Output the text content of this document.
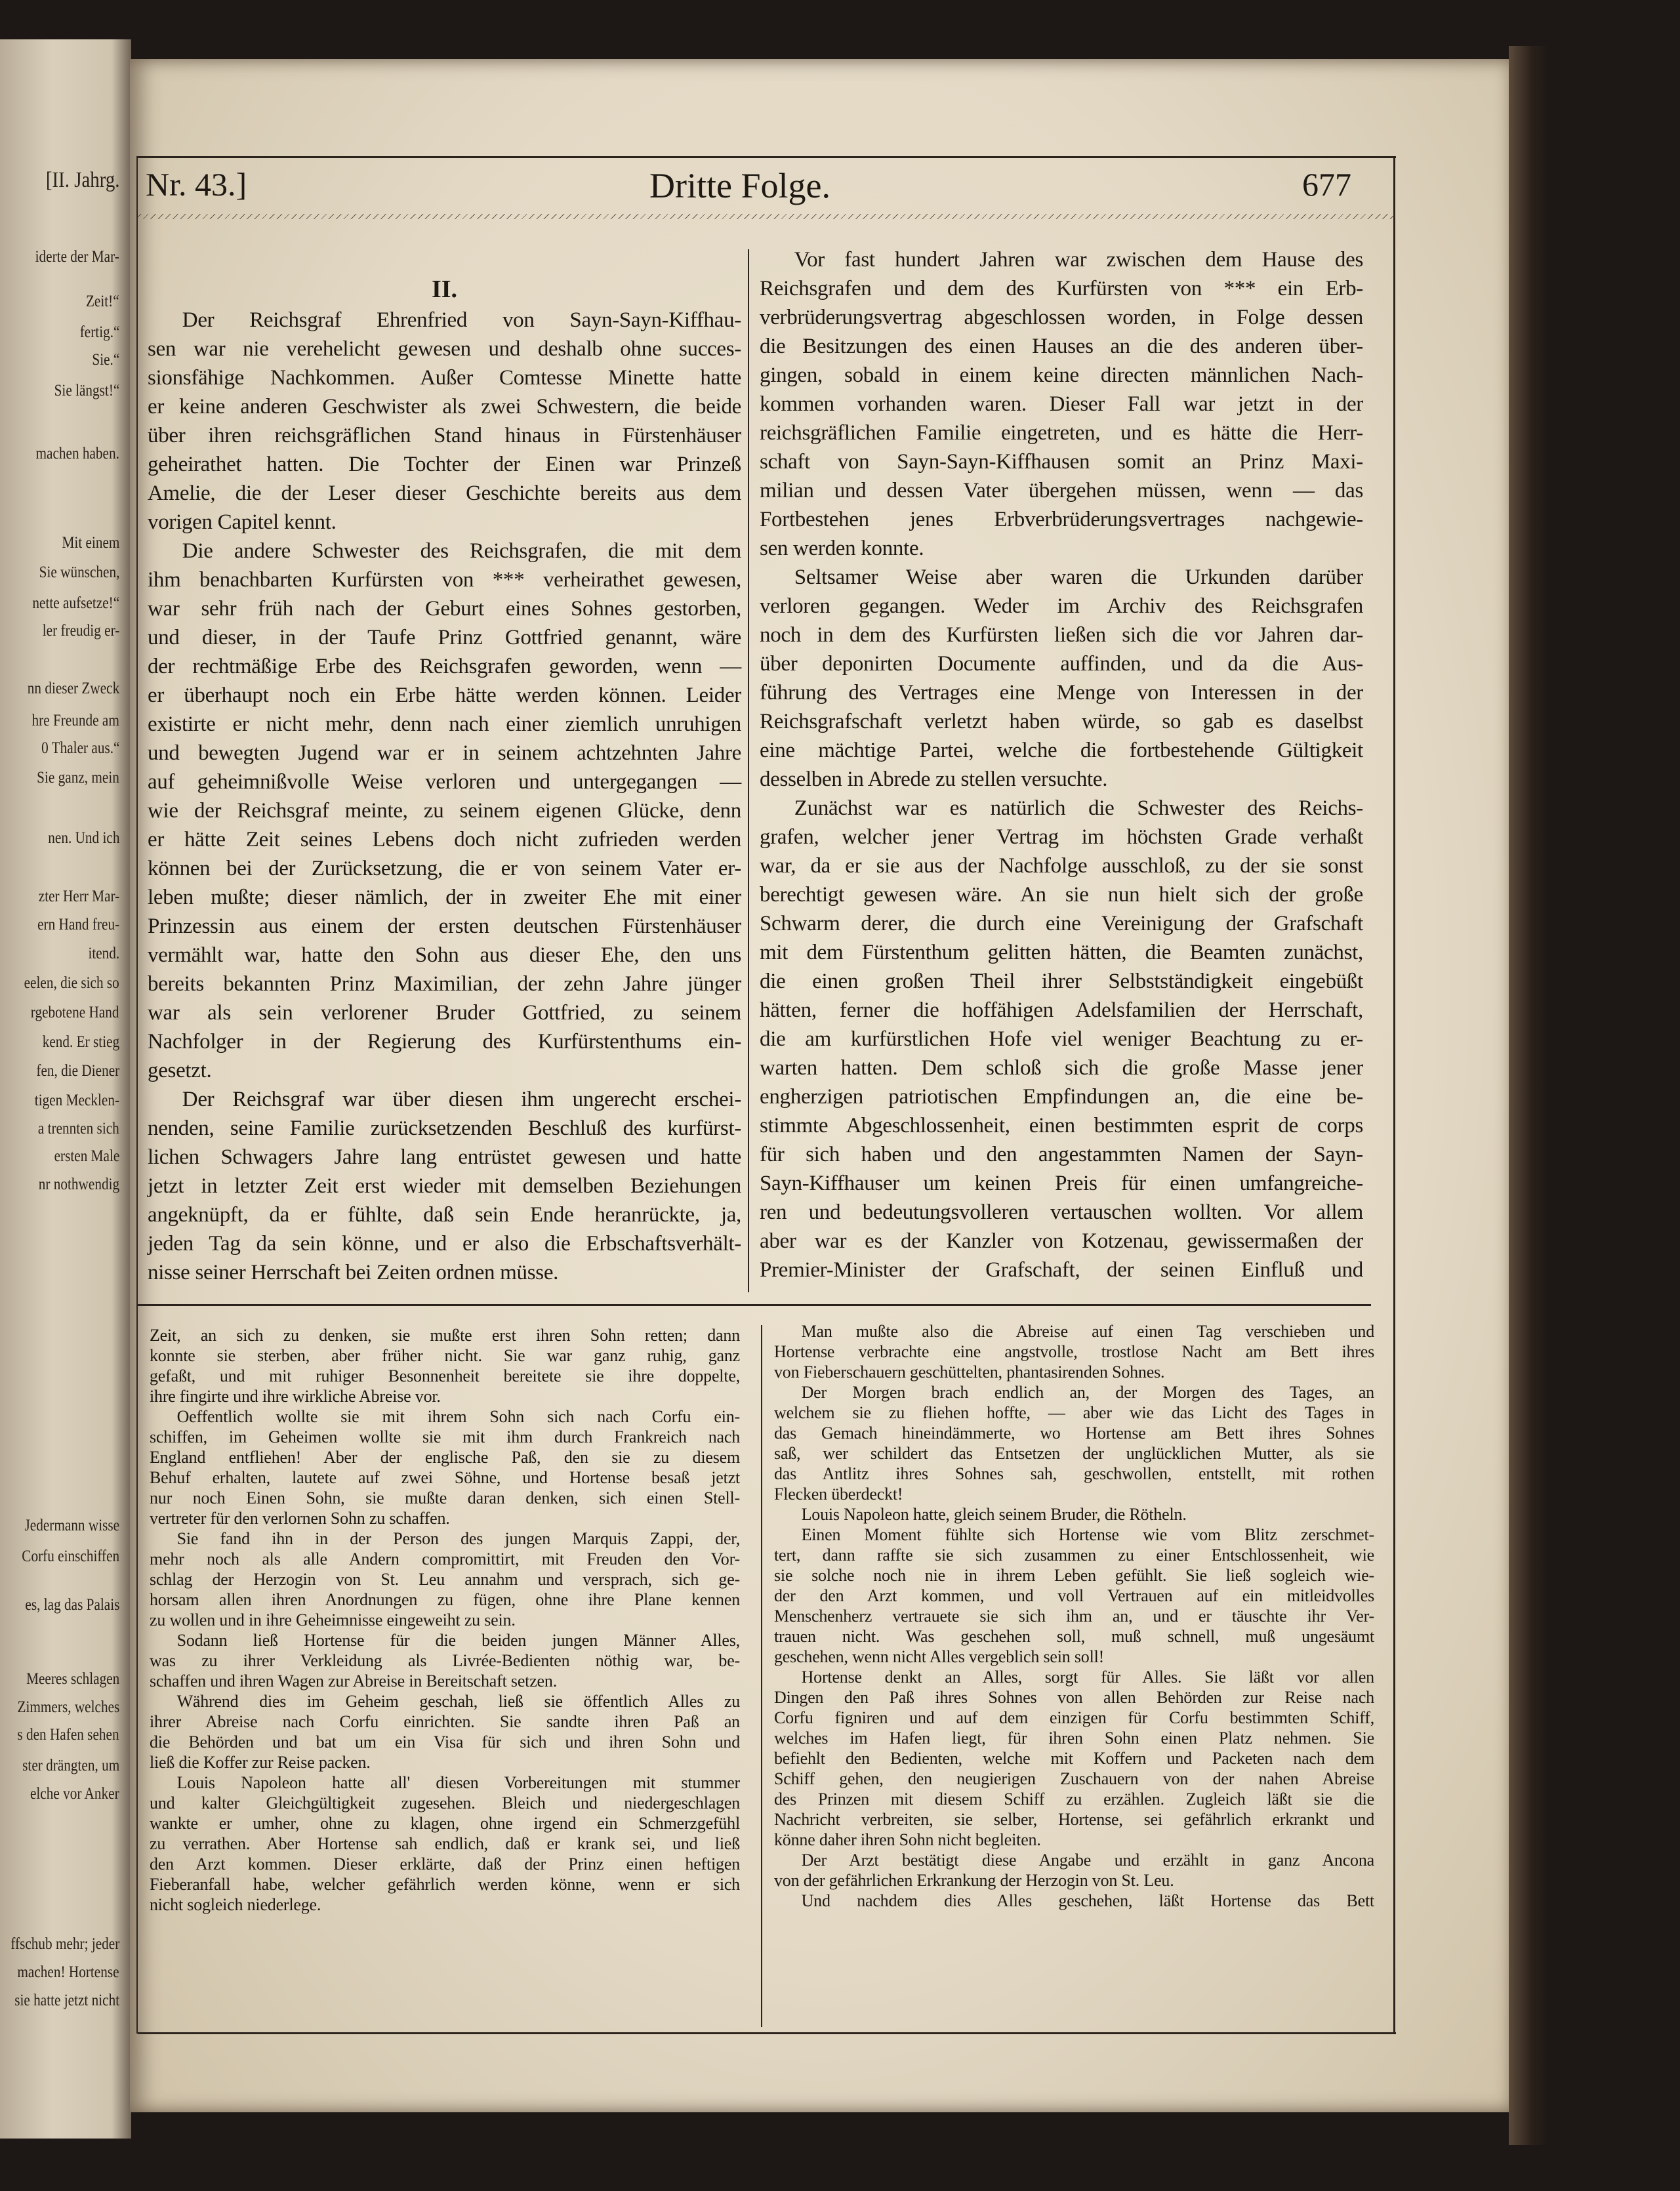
[II. Jahrg.
iderte der Mar-
Zeit!“
fertig.“
Sie.“
Sie längst!“
machen haben.
Mit einem
Sie wünschen,
nette aufsetze!“
ler freudig er-
nn dieser Zweck
hre Freunde am
0 Thaler aus.“
Sie ganz, mein
nen. Und ich
zter Herr Mar-
ern Hand freu-
itend.
eelen, die sich so
rgebotene Hand
kend. Er stieg
fen, die Diener
tigen Mecklen-
a trennten sich
ersten Male
nr nothwendig
Jedermann wisse
Corfu einschiffen
es, lag das Palais
Meeres schlagen
Zimmers, welches
s den Hafen sehen
ster drängten, um
elche vor Anker
ffschub mehr; jeder
machen! Hortense
sie hatte jetzt nicht
Nr. 43.]	Dritte Folge.	677
II.
Der Reichsgraf Ehrenfried von Sayn-Sayn-Kiffhau-
sen war nie verehelicht gewesen und deshalb ohne succes-
sionsfähige Nachkommen. Außer Comtesse Minette hatte
er keine anderen Geschwister als zwei Schwestern, die beide
über ihren reichsgräflichen Stand hinaus in Fürstenhäuser
geheirathet hatten. Die Tochter der Einen war Prinzeß
Amelie, die der Leser dieser Geschichte bereits aus dem
vorigen Capitel kennt.
Die andere Schwester des Reichsgrafen, die mit dem
ihm benachbarten Kurfürsten von *** verheirathet gewesen,
war sehr früh nach der Geburt eines Sohnes gestorben,
und dieser, in der Taufe Prinz Gottfried genannt, wäre
der rechtmäßige Erbe des Reichsgrafen geworden, wenn —
er überhaupt noch ein Erbe hätte werden können. Leider
existirte er nicht mehr, denn nach einer ziemlich unruhigen
und bewegten Jugend war er in seinem achtzehnten Jahre
auf geheimnißvolle Weise verloren und untergegangen —
wie der Reichsgraf meinte, zu seinem eigenen Glücke, denn
er hätte Zeit seines Lebens doch nicht zufrieden werden
können bei der Zurücksetzung, die er von seinem Vater er-
leben mußte; dieser nämlich, der in zweiter Ehe mit einer
Prinzessin aus einem der ersten deutschen Fürstenhäuser
vermählt war, hatte den Sohn aus dieser Ehe, den uns
bereits bekannten Prinz Maximilian, der zehn Jahre jünger
war als sein verlorener Bruder Gottfried, zu seinem
Nachfolger in der Regierung des Kurfürstenthums ein-
gesetzt.
Der Reichsgraf war über diesen ihm ungerecht erschei-
nenden, seine Familie zurücksetzenden Beschluß des kurfürst-
lichen Schwagers Jahre lang entrüstet gewesen und hatte
jetzt in letzter Zeit erst wieder mit demselben Beziehungen
angeknüpft, da er fühlte, daß sein Ende heranrückte, ja,
jeden Tag da sein könne, und er also die Erbschaftsverhält-
nisse seiner Herrschaft bei Zeiten ordnen müsse.
Vor fast hundert Jahren war zwischen dem Hause des
Reichsgrafen und dem des Kurfürsten von *** ein Erb-
verbrüderungsvertrag abgeschlossen worden, in Folge dessen
die Besitzungen des einen Hauses an die des anderen über-
gingen, sobald in einem keine directen männlichen Nach-
kommen vorhanden waren. Dieser Fall war jetzt in der
reichsgräflichen Familie eingetreten, und es hätte die Herr-
schaft von Sayn-Sayn-Kiffhausen somit an Prinz Maxi-
milian und dessen Vater übergehen müssen, wenn — das
Fortbestehen jenes Erbverbrüderungsvertrages nachgewie-
sen werden konnte.
Seltsamer Weise aber waren die Urkunden darüber
verloren gegangen. Weder im Archiv des Reichsgrafen
noch in dem des Kurfürsten ließen sich die vor Jahren dar-
über deponirten Documente auffinden, und da die Aus-
führung des Vertrages eine Menge von Interessen in der
Reichsgrafschaft verletzt haben würde, so gab es daselbst
eine mächtige Partei, welche die fortbestehende Gültigkeit
desselben in Abrede zu stellen versuchte.
Zunächst war es natürlich die Schwester des Reichs-
grafen, welcher jener Vertrag im höchsten Grade verhaßt
war, da er sie aus der Nachfolge ausschloß, zu der sie sonst
berechtigt gewesen wäre. An sie nun hielt sich der große
Schwarm derer, die durch eine Vereinigung der Grafschaft
mit dem Fürstenthum gelitten hätten, die Beamten zunächst,
die einen großen Theil ihrer Selbstständigkeit eingebüßt
hätten, ferner die hoffähigen Adelsfamilien der Herrschaft,
die am kurfürstlichen Hofe viel weniger Beachtung zu er-
warten hatten. Dem schloß sich die große Masse jener
engherzigen patriotischen Empfindungen an, die eine be-
stimmte Abgeschlossenheit, einen bestimmten esprit de corps
für sich haben und den angestammten Namen der Sayn-
Sayn-Kiffhauser um keinen Preis für einen umfangreiche-
ren und bedeutungsvolleren vertauschen wollten. Vor allem
aber war es der Kanzler von Kotzenau, gewissermaßen der
Premier-Minister der Grafschaft, der seinen Einfluß und
Zeit, an sich zu denken, sie mußte erst ihren Sohn retten; dann
konnte sie sterben, aber früher nicht. Sie war ganz ruhig, ganz
gefaßt, und mit ruhiger Besonnenheit bereitete sie ihre doppelte,
ihre fingirte und ihre wirkliche Abreise vor.
Oeffentlich wollte sie mit ihrem Sohn sich nach Corfu ein-
schiffen, im Geheimen wollte sie mit ihm durch Frankreich nach
England entfliehen! Aber der englische Paß, den sie zu diesem
Behuf erhalten, lautete auf zwei Söhne, und Hortense besaß jetzt
nur noch Einen Sohn, sie mußte daran denken, sich einen Stell-
vertreter für den verlornen Sohn zu schaffen.
Sie fand ihn in der Person des jungen Marquis Zappi, der,
mehr noch als alle Andern compromittirt, mit Freuden den Vor-
schlag der Herzogin von St. Leu annahm und versprach, sich ge-
horsam allen ihren Anordnungen zu fügen, ohne ihre Plane kennen
zu wollen und in ihre Geheimnisse eingeweiht zu sein.
Sodann ließ Hortense für die beiden jungen Männer Alles,
was zu ihrer Verkleidung als Livrée-Bedienten nöthig war, be-
schaffen und ihren Wagen zur Abreise in Bereitschaft setzen.
Während dies im Geheim geschah, ließ sie öffentlich Alles zu
ihrer Abreise nach Corfu einrichten. Sie sandte ihren Paß an
die Behörden und bat um ein Visa für sich und ihren Sohn und
ließ die Koffer zur Reise packen.
Louis Napoleon hatte all' diesen Vorbereitungen mit stummer
und kalter Gleichgültigkeit zugesehen. Bleich und niedergeschlagen
wankte er umher, ohne zu klagen, ohne irgend ein Schmerzgefühl
zu verrathen. Aber Hortense sah endlich, daß er krank sei, und ließ
den Arzt kommen. Dieser erklärte, daß der Prinz einen heftigen
Fieberanfall habe, welcher gefährlich werden könne, wenn er sich
nicht sogleich niederlege.
Man mußte also die Abreise auf einen Tag verschieben und
Hortense verbrachte eine angstvolle, trostlose Nacht am Bett ihres
von Fieberschauern geschüttelten, phantasirenden Sohnes.
Der Morgen brach endlich an, der Morgen des Tages, an
welchem sie zu fliehen hoffte, — aber wie das Licht des Tages in
das Gemach hineindämmerte, wo Hortense am Bett ihres Sohnes
saß, wer schildert das Entsetzen der unglücklichen Mutter, als sie
das Antlitz ihres Sohnes sah, geschwollen, entstellt, mit rothen
Flecken überdeckt!
Louis Napoleon hatte, gleich seinem Bruder, die Rötheln.
Einen Moment fühlte sich Hortense wie vom Blitz zerschmet-
tert, dann raffte sie sich zusammen zu einer Entschlossenheit, wie
sie solche noch nie in ihrem Leben gefühlt. Sie ließ sogleich wie-
der den Arzt kommen, und voll Vertrauen auf ein mitleidvolles
Menschenherz vertrauete sie sich ihm an, und er täuschte ihr Ver-
trauen nicht. Was geschehen soll, muß schnell, muß ungesäumt
geschehen, wenn nicht Alles vergeblich sein soll!
Hortense denkt an Alles, sorgt für Alles. Sie läßt vor allen
Dingen den Paß ihres Sohnes von allen Behörden zur Reise nach
Corfu figniren und auf dem einzigen für Corfu bestimmten Schiff,
welches im Hafen liegt, für ihren Sohn einen Platz nehmen. Sie
befiehlt den Bedienten, welche mit Koffern und Packeten nach dem
Schiff gehen, den neugierigen Zuschauern von der nahen Abreise
des Prinzen mit diesem Schiff zu erzählen. Zugleich läßt sie die
Nachricht verbreiten, sie selber, Hortense, sei gefährlich erkrankt und
könne daher ihren Sohn nicht begleiten.
Der Arzt bestätigt diese Angabe und erzählt in ganz Ancona
von der gefährlichen Erkrankung der Herzogin von St. Leu.
Und nachdem dies Alles geschehen, läßt Hortense das Bett
